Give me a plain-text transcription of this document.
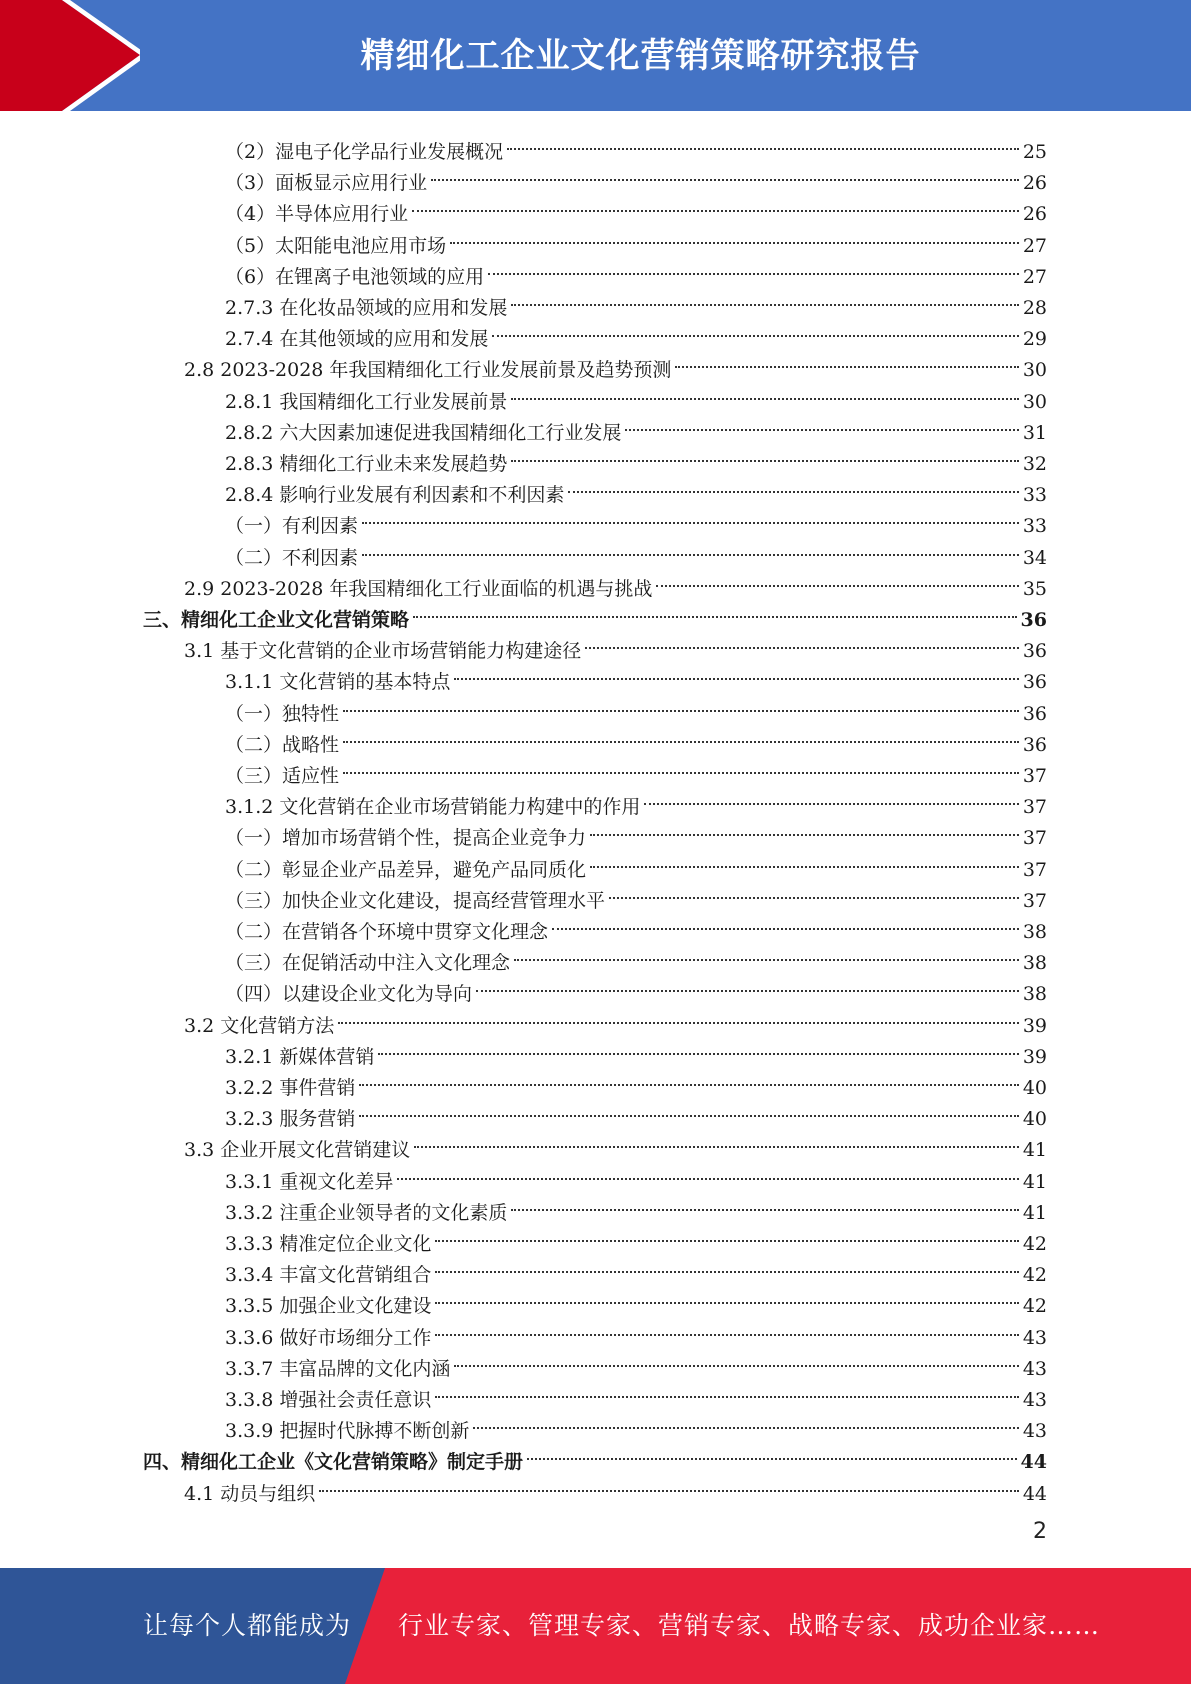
精细化工企业文化营销策略研究报告
（2）湿电子化学品行业发展概况	25
（3）面板显示应用行业	26
（4）半导体应用行业	26
（5）太阳能电池应用市场	27
（6）在锂离子电池领域的应用	27
2.7.3 在化妆品领域的应用和发展	28
2.7.4 在其他领域的应用和发展	29
2.8 2023-2028 年我国精细化工行业发展前景及趋势预测	30
2.8.1 我国精细化工行业发展前景	30
2.8.2 六大因素加速促进我国精细化工行业发展	31
2.8.3 精细化工行业未来发展趋势	32
2.8.4 影响行业发展有利因素和不利因素	33
（一）有利因素	33
（二）不利因素	34
2.9 2023-2028 年我国精细化工行业面临的机遇与挑战	35
三、精细化工企业文化营销策略	36
3.1 基于文化营销的企业市场营销能力构建途径	36
3.1.1 文化营销的基本特点	36
（一）独特性	36
（二）战略性	36
（三）适应性	37
3.1.2 文化营销在企业市场营销能力构建中的作用	37
（一）增加市场营销个性，提高企业竞争力	37
（二）彰显企业产品差异，避免产品同质化	37
（三）加快企业文化建设，提高经营管理水平	37
（二）在营销各个环境中贯穿文化理念	38
（三）在促销活动中注入文化理念	38
（四）以建设企业文化为导向	38
3.2 文化营销方法	39
3.2.1 新媒体营销	39
3.2.2 事件营销	40
3.2.3 服务营销	40
3.3 企业开展文化营销建议	41
3.3.1 重视文化差异	41
3.3.2 注重企业领导者的文化素质	41
3.3.3 精准定位企业文化	42
3.3.4 丰富文化营销组合	42
3.3.5 加强企业文化建设	42
3.3.6 做好市场细分工作	43
3.3.7 丰富品牌的文化内涵	43
3.3.8 增强社会责任意识	43
3.3.9 把握时代脉搏不断创新	43
四、精细化工企业《文化营销策略》制定手册	44
4.1 动员与组织	44
2
让每个人都能成为 行业专家、管理专家、营销专家、战略专家、成功企业家……
